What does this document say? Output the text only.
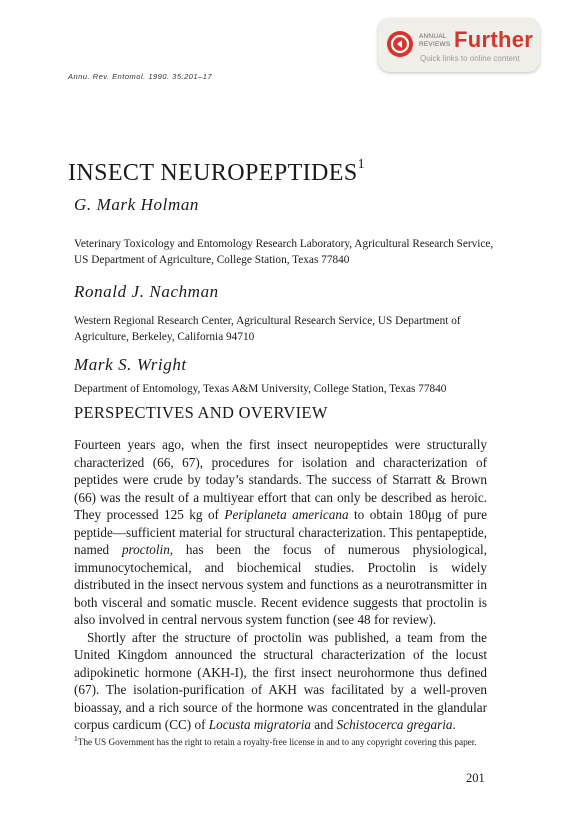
ANNUAL REVIEWS Further
Quick links to online content
Annu. Rev. Entomol. 1990. 35:201–17
INSECT NEUROPEPTIDES$^1$
G. Mark Holman

Veterinary Toxicology and Entomology Research Laboratory, Agricultural Research Service, US Department of Agriculture, College Station, Texas 77840

Ronald J. Nachman

Western Regional Research Center, Agricultural Research Service, US Department of Agriculture, Berkeley, California 94710

Mark S. Wright

Department of Entomology, Texas A&M University, College Station, Texas 77840

PERSPECTIVES AND OVERVIEW

Fourteen years ago, when the first insect neuropeptides were structurally characterized (66, 67), procedures for isolation and characterization of peptides were crude by today’s standards. The success of Starratt & Brown (66) was the result of a multiyear effort that can only be described as heroic. They processed 125 kg of Periplaneta americana to obtain 180μg of pure peptide—sufficient material for structural characterization. This pentapeptide, named proctolin, has been the focus of numerous physiological, immunocytochemical, and biochemical studies. Proctolin is widely distributed in the insect nervous system and functions as a neurotransmitter in both visceral and somatic muscle. Recent evidence suggests that proctolin is also involved in central nervous system function (see 48 for review).

Shortly after the structure of proctolin was published, a team from the United Kingdom announced the structural characterization of the locust adipokinetic hormone (AKH-I), the first insect neurohormone thus defined (67). The isolation-purification of AKH was facilitated by a well-proven bioassay, and a rich source of the hormone was concentrated in the glandular corpus cardicum (CC) of Locusta migratoria and Schistocerca gregaria.

$^1$The US Government has the right to retain a royalty-free license in and to any copyright covering this paper.

201
